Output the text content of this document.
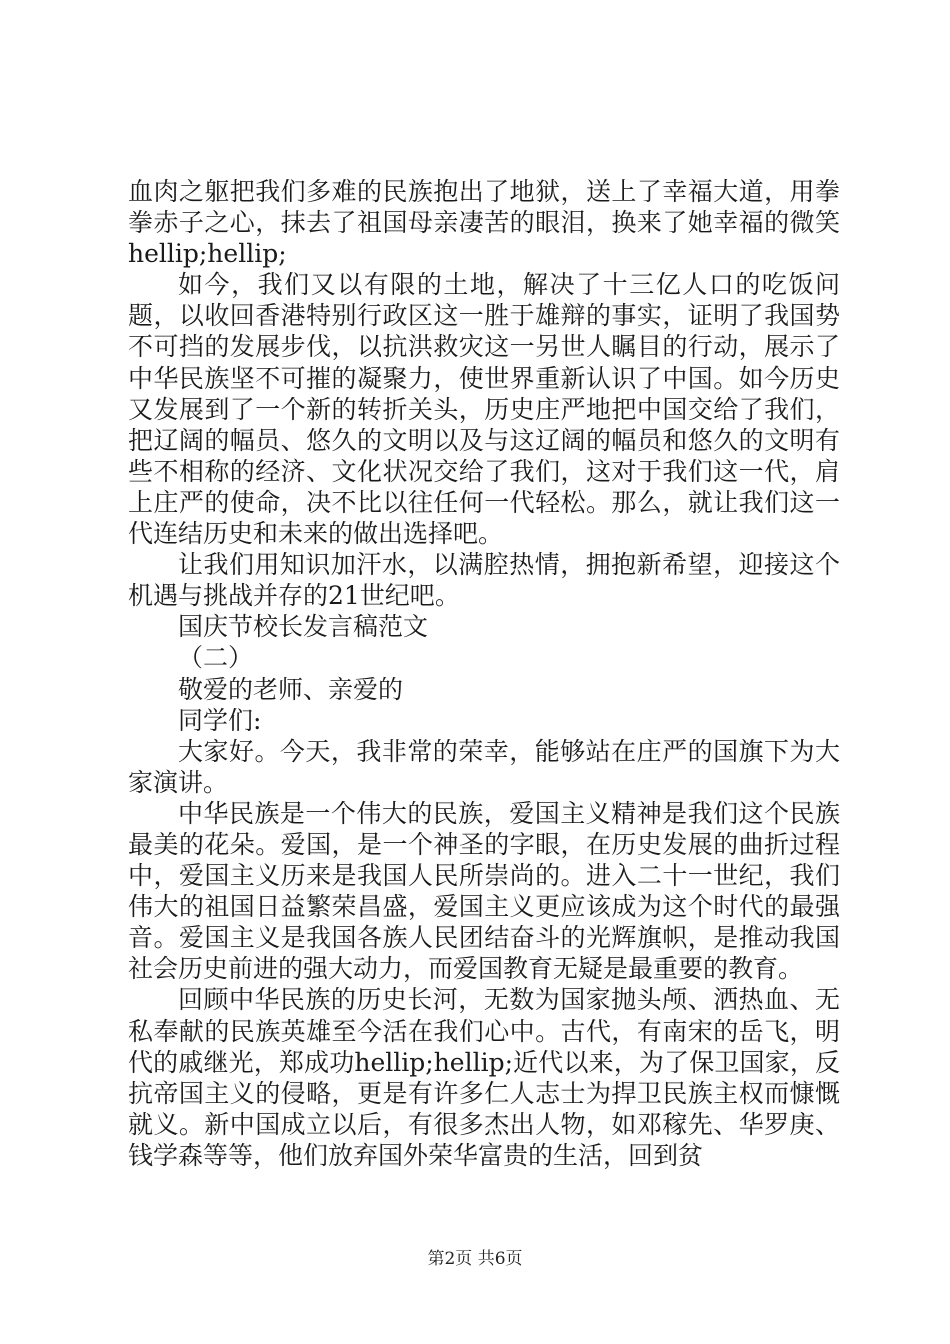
血肉之躯把我们多难的民族抱出了地狱，送上了幸福大道，用拳拳赤子之心，抹去了祖国母亲凄苦的眼泪，换来了她幸福的微笑hellip;hellip;

如今，我们又以有限的土地，解决了十三亿人口的吃饭问题，以收回香港特别行政区这一胜于雄辩的事实，证明了我国势不可挡的发展步伐，以抗洪救灾这一另世人瞩目的行动，展示了中华民族坚不可摧的凝聚力，使世界重新认识了中国。如今历史又发展到了一个新的转折关头，历史庄严地把中国交给了我们，把辽阔的幅员、悠久的文明以及与这辽阔的幅员和悠久的文明有些不相称的经济、文化状况交给了我们，这对于我们这一代，肩上庄严的使命，决不比以往任何一代轻松。那么，就让我们这一代连结历史和未来的做出选择吧。

让我们用知识加汗水，以满腔热情，拥抱新希望，迎接这个机遇与挑战并存的21世纪吧。

国庆节校长发言稿范文

（二）

敬爱的老师、亲爱的

同学们:

大家好。今天，我非常的荣幸，能够站在庄严的国旗下为大家演讲。

中华民族是一个伟大的民族，爱国主义精神是我们这个民族最美的花朵。爱国，是一个神圣的字眼，在历史发展的曲折过程中，爱国主义历来是我国人民所崇尚的。进入二十一世纪，我们伟大的祖国日益繁荣昌盛，爱国主义更应该成为这个时代的最强音。爱国主义是我国各族人民团结奋斗的光辉旗帜，是推动我国社会历史前进的强大动力，而爱国教育无疑是最重要的教育。

回顾中华民族的历史长河，无数为国家抛头颅、洒热血、无私奉献的民族英雄至今活在我们心中。古代，有南宋的岳飞，明代的戚继光，郑成功hellip;hellip;近代以来，为了保卫国家，反抗帝国主义的侵略，更是有许多仁人志士为捍卫民族主权而慷慨就义。新中国成立以后，有很多杰出人物，如邓稼先、华罗庚、钱学森等等，他们放弃国外荣华富贵的生活，回到贫

第2页 共6页
